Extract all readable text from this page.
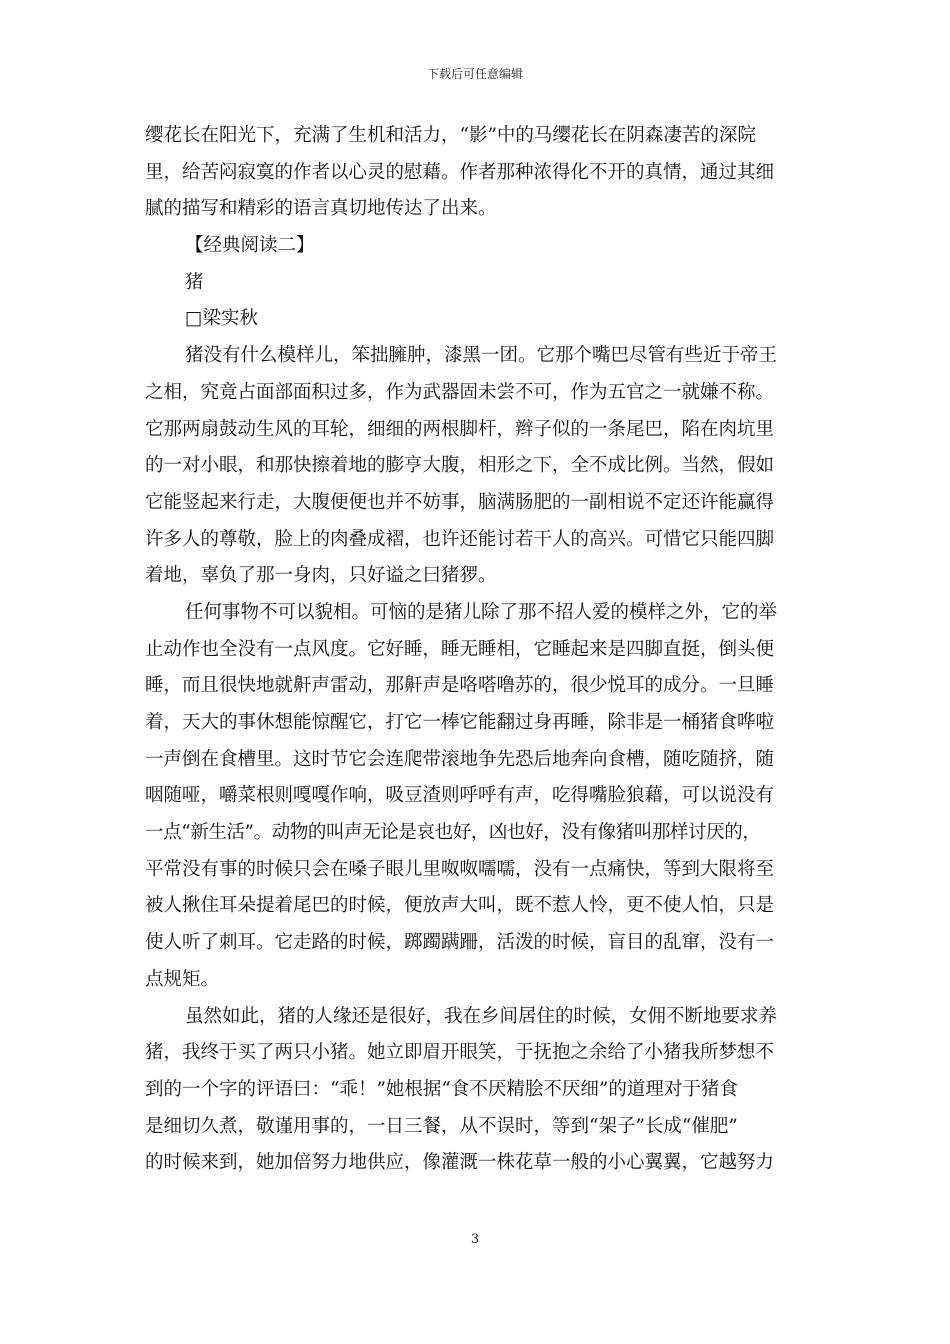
下载后可任意编辑
缨花长在阳光下，充满了生机和活力，“影”中的马缨花长在阴森凄苦的深院
里，给苦闷寂寞的作者以心灵的慰藉。作者那种浓得化不开的真情，通过其细
腻的描写和精彩的语言真切地传达了出来。
【经典阅读二】
猪
□梁实秋
猪没有什么模样儿，笨拙臃肿，漆黑一团。它那个嘴巴尽管有些近于帝王
之相，究竟占面部面积过多，作为武器固未尝不可，作为五官之一就嫌不称。
它那两扇鼓动生风的耳轮，细细的两根脚杆，辫子似的一条尾巴，陷在肉坑里
的一对小眼，和那快擦着地的膨亨大腹，相形之下，全不成比例。当然，假如
它能竖起来行走，大腹便便也并不妨事，脑满肠肥的一副相说不定还许能赢得
许多人的尊敬，脸上的肉叠成褶，也许还能讨若干人的高兴。可惜它只能四脚
着地，辜负了那一身肉，只好谥之曰猪猡。
任何事物不可以貌相。可恼的是猪儿除了那不招人爱的模样之外，它的举
止动作也全没有一点风度。它好睡，睡无睡相，它睡起来是四脚直挺，倒头便
睡，而且很快地就鼾声雷动，那鼾声是咯嗒噜苏的，很少悦耳的成分。一旦睡
着，天大的事休想能惊醒它，打它一棒它能翻过身再睡，除非是一桶猪食哗啦
一声倒在食槽里。这时节它会连爬带滚地争先恐后地奔向食槽，随吃随挤，随
咽随哑，嚼菜根则嘎嘎作响，吸豆渣则呼呼有声，吃得嘴脸狼藉，可以说没有
一点“新生活”。动物的叫声无论是哀也好，凶也好，没有像猪叫那样讨厌的，
平常没有事的时候只会在嗓子眼儿里呶呶嚅嚅，没有一点痛快，等到大限将至
被人揪住耳朵提着尾巴的时候，便放声大叫，既不惹人怜，更不使人怕，只是
使人听了刺耳。它走路的时候，踯躅蹒跚，活泼的时候，盲目的乱窜，没有一
点规矩。
虽然如此，猪的人缘还是很好，我在乡间居住的时候，女佣不断地要求养
猪，我终于买了两只小猪。她立即眉开眼笑，于抚抱之余给了小猪我所梦想不
到的一个字的评语曰：“乖！”她根据“食不厌精脍不厌细”的道理对于猪食
是细切久煮，敬谨用事的，一日三餐，从不误时，等到“架子”长成“催肥”
的时候来到，她加倍努力地供应，像灌溉一株花草一般的小心翼翼，它越努力
3
